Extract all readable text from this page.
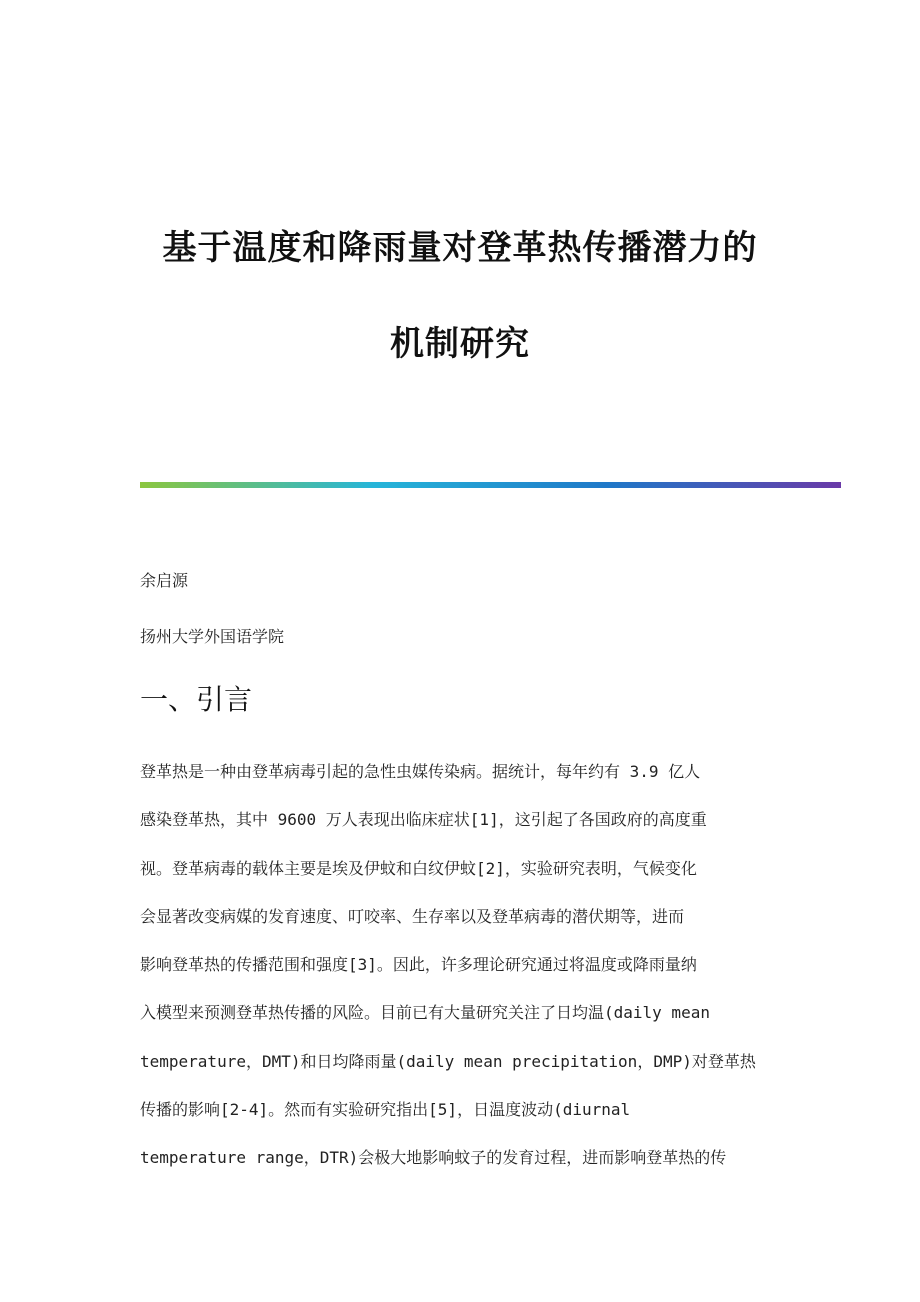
基于温度和降雨量对登革热传播潜力的
机制研究
余启源
扬州大学外国语学院
一、引言
登革热是一种由登革病毒引起的急性虫媒传染病。据统计，每年约有 3.9 亿人
感染登革热，其中 9600 万人表现出临床症状[1]，这引起了各国政府的高度重
视。登革病毒的载体主要是埃及伊蚊和白纹伊蚊[2]，实验研究表明，气候变化
会显著改变病媒的发育速度、叮咬率、生存率以及登革病毒的潜伏期等，进而
影响登革热的传播范围和强度[3]。因此，许多理论研究通过将温度或降雨量纳
入模型来预测登革热传播的风险。目前已有大量研究关注了日均温(daily mean
temperature，DMT)和日均降雨量(daily mean precipitation，DMP)对登革热
传播的影响[2-4]。然而有实验研究指出[5]，日温度波动(diurnal
temperature range，DTR)会极大地影响蚊子的发育过程，进而影响登革热的传
